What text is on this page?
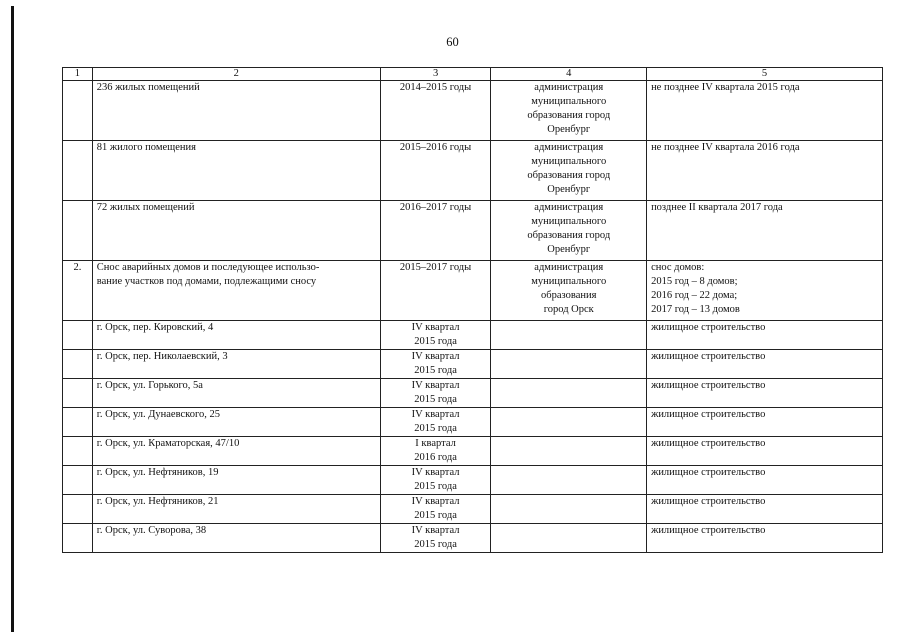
60
1	2	3	4	5
	236 жилых помещений	2014–2015 годы	администрация
муниципального
образования город
Оренбург	не позднее IV квартала 2015 года
	81 жилого помещения	2015–2016 годы	администрация
муниципального
образования город
Оренбург	не позднее IV квартала 2016 года
	72 жилых помещений	2016–2017 годы	администрация
муниципального
образования город
Оренбург	позднее II квартала 2017 года
2.	Снос аварийных домов и последующее использо-
вание участков под домами, подлежащими сносу	2015–2017 годы	администрация
муниципального
образования
город Орск	снос домов:
2015 год – 8 домов;
2016 год – 22 дома;
2017 год – 13 домов
	г. Орск, пер. Кировский, 4	IV квартал
2015 года		жилищное строительство
	г. Орск, пер. Николаевский, 3	IV квартал
2015 года		жилищное строительство
	г. Орск, ул. Горького, 5а	IV квартал
2015 года		жилищное строительство
	г. Орск, ул. Дунаевского, 25	IV квартал
2015 года		жилищное строительство
	г. Орск, ул. Краматорская, 47/10	I квартал
2016 года		жилищное строительство
	г. Орск, ул. Нефтяников, 19	IV квартал
2015 года		жилищное строительство
	г. Орск, ул. Нефтяников, 21	IV квартал
2015 года		жилищное строительство
	г. Орск, ул. Суворова, 38	IV квартал
2015 года		жилищное строительство
